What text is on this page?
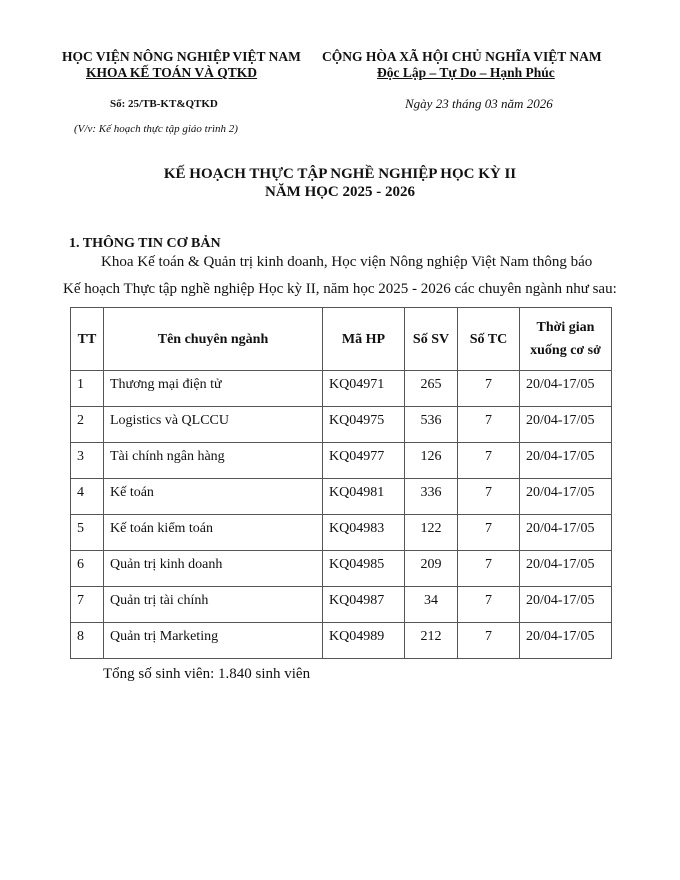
HỌC VIỆN NÔNG NGHIỆP VIỆT NAM
KHOA KẾ TOÁN VÀ QTKD
CỘNG HÒA XÃ HỘI CHỦ NGHĨA VIỆT NAM
Độc Lập – Tự Do – Hạnh Phúc
Số: 25/TB-KT&QTKD	Ngày 23 tháng 03 năm 2026
(V/v: Kế hoạch thực tập giáo trình 2)
KẾ HOẠCH THỰC TẬP NGHỀ NGHIỆP HỌC KỲ II
NĂM HỌC 2025 - 2026
1. THÔNG TIN CƠ BẢN
Khoa Kế toán & Quản trị kinh doanh, Học viện Nông nghiệp Việt Nam thông báo
Kế hoạch Thực tập nghề nghiệp Học kỳ II, năm học 2025 - 2026 các chuyên ngành như sau:
TT	Tên chuyên ngành	Mã HP	Số SV	Số TC	Thời gian
xuống cơ sở

1	Thương mại điện tử	KQ04971	265	7	20/04-17/05
2	Logistics và QLCCU	KQ04975	536	7	20/04-17/05
3	Tài chính ngân hàng	KQ04977	126	7	20/04-17/05
4	Kế toán	KQ04981	336	7	20/04-17/05
5	Kế toán kiểm toán	KQ04983	122	7	20/04-17/05
6	Quản trị kinh doanh	KQ04985	209	7	20/04-17/05
7	Quản trị tài chính	KQ04987	34	7	20/04-17/05
8	Quản trị Marketing	KQ04989	212	7	20/04-17/05
Tổng số sinh viên: 1.840 sinh viên
